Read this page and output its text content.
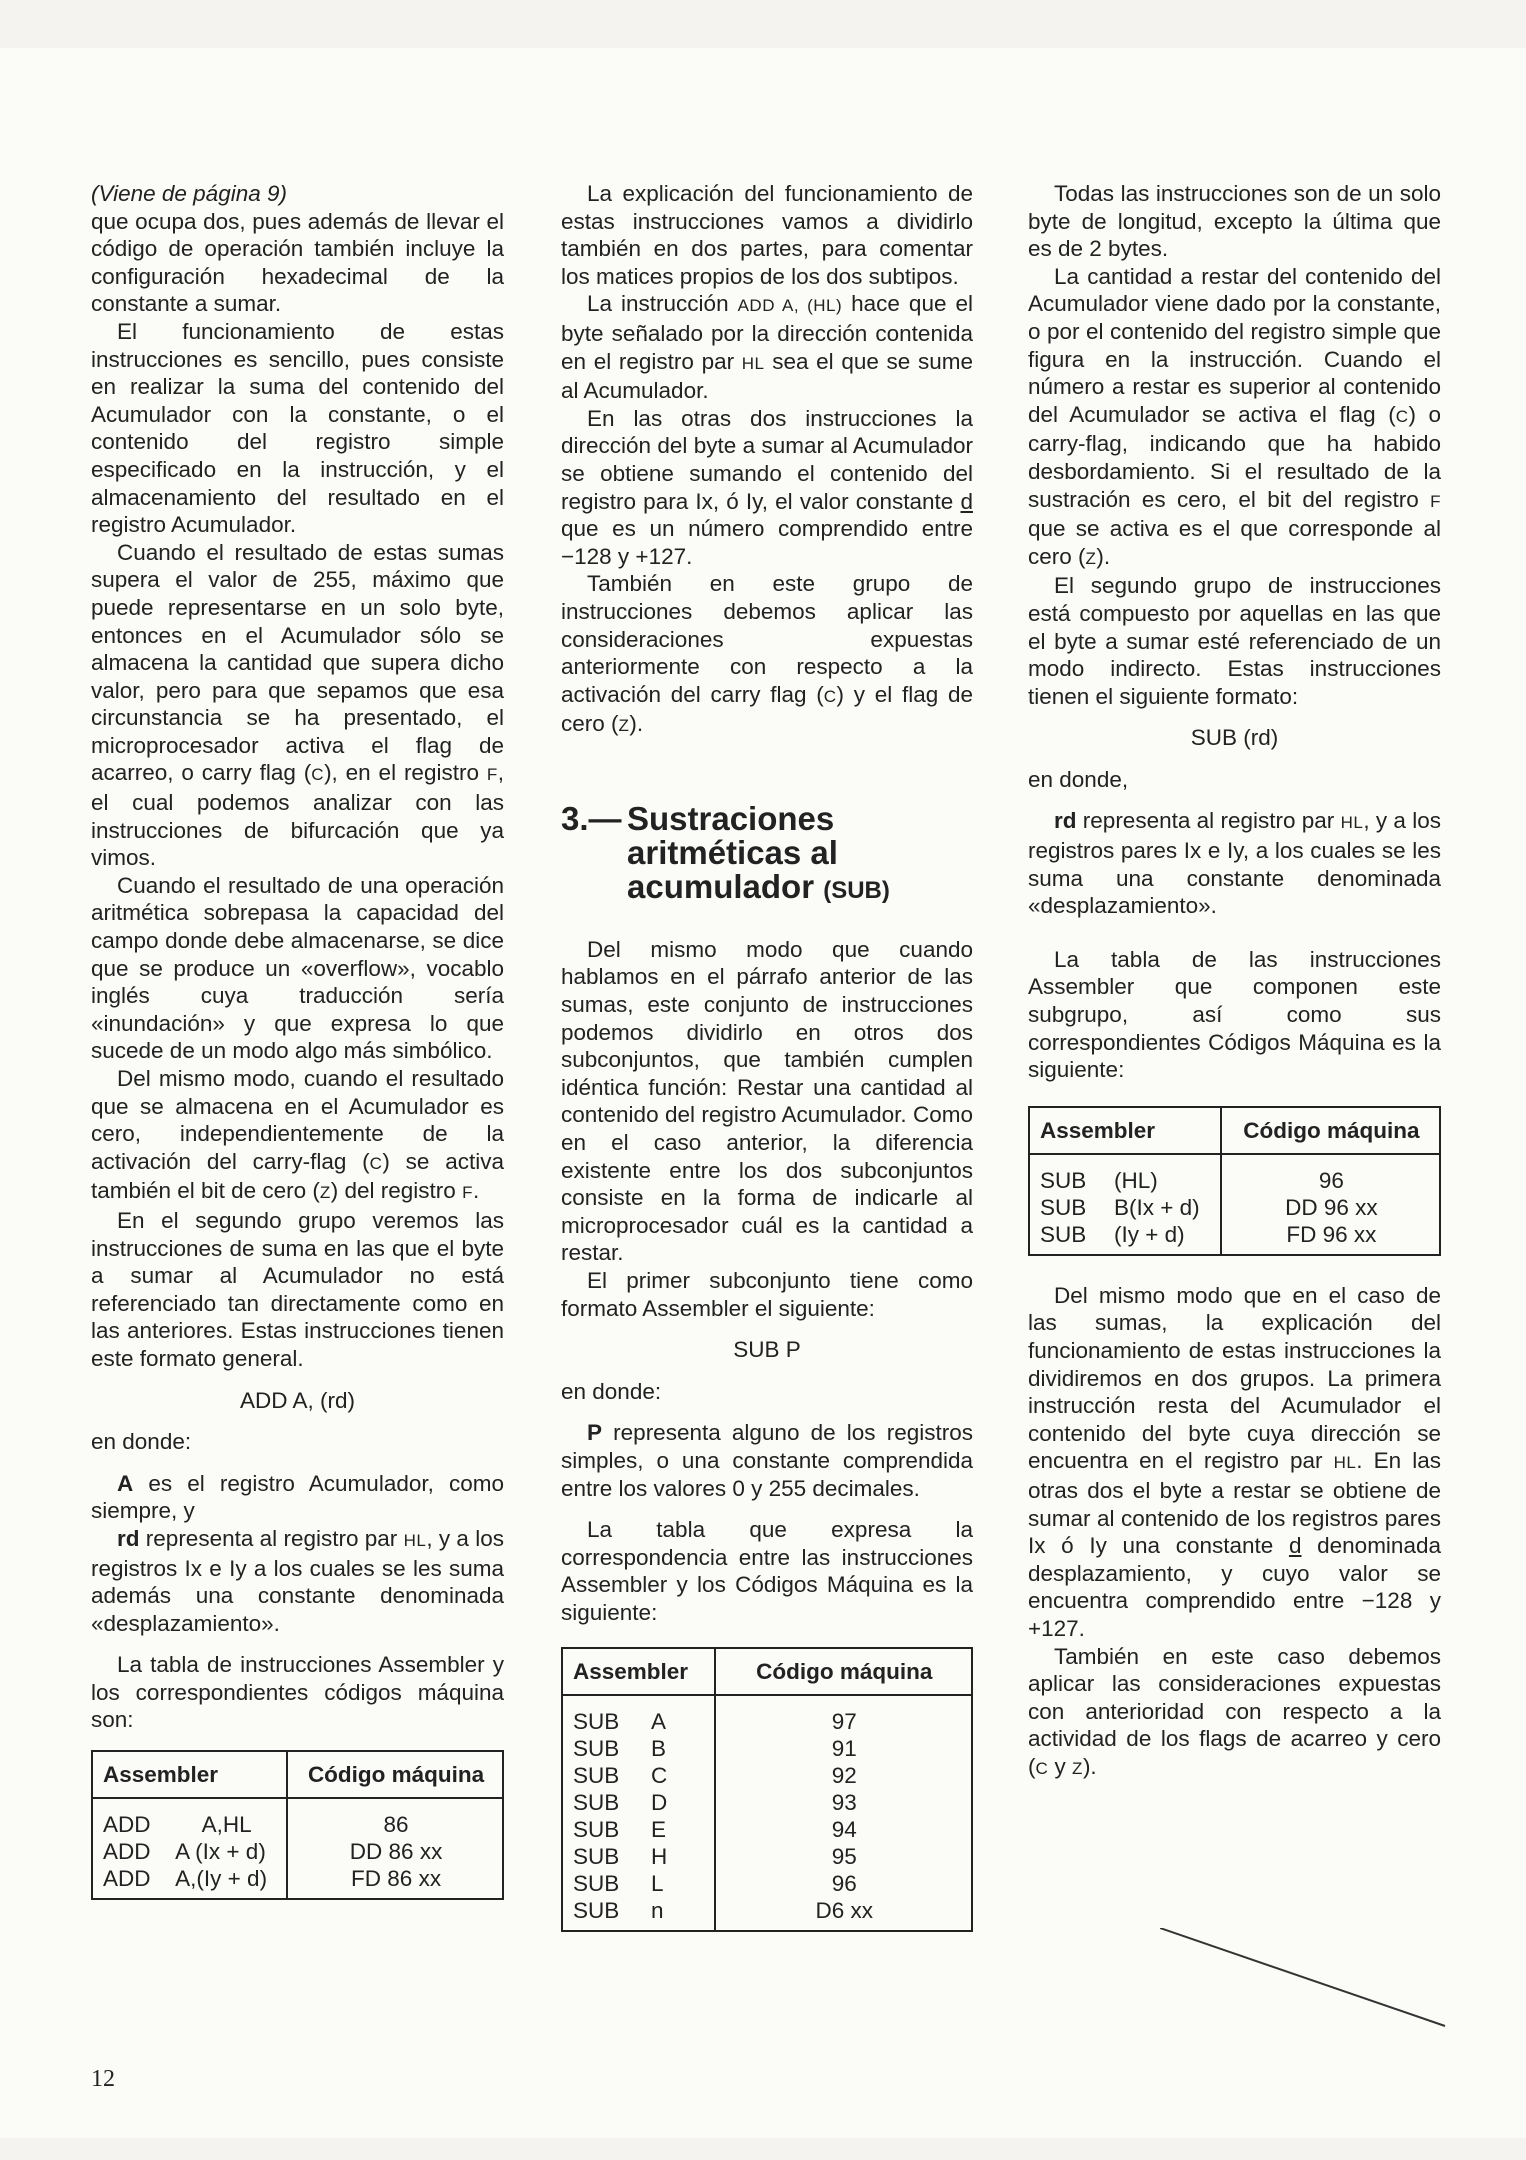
(Viene de página 9)

que ocupa dos, pues además de llevar el código de operación también incluye la configuración hexadecimal de la constante a sumar.

El funcionamiento de estas instrucciones es sencillo, pues consiste en realizar la suma del contenido del Acumulador con la constante, o el contenido del registro simple especificado en la instrucción, y el almacenamiento del resultado en el registro Acumulador.

Cuando el resultado de estas sumas supera el valor de 255, máximo que puede representarse en un solo byte, entonces en el Acumulador sólo se almacena la cantidad que supera dicho valor, pero para que sepamos que esa circunstancia se ha presentado, el microprocesador activa el flag de acarreo, o carry flag (C), en el registro F, el cual podemos analizar con las instrucciones de bifurcación que ya vimos.

Cuando el resultado de una operación aritmética sobrepasa la capacidad del campo donde debe almacenarse, se dice que se produce un «overflow», vocablo inglés cuya traducción sería «inundación» y que expresa lo que sucede de un modo algo más simbólico.

Del mismo modo, cuando el resultado que se almacena en el Acumulador es cero, independientemente de la activación del carry-flag (C) se activa también el bit de cero (Z) del registro F.

En el segundo grupo veremos las instrucciones de suma en las que el byte a sumar al Acumulador no está referenciado tan directamente como en las anteriores. Estas instrucciones tienen este formato general.

ADD A, (rd)

en donde:

A es el registro Acumulador, como siempre, y

rd representa al registro par HL, y a los registros Ix e Iy a los cuales se les suma además una constante denominada «desplazamiento».

La tabla de instrucciones Assembler y los correspondientes códigos máquina son:

Assembler		Código máquina
ADD	A,HL	86
ADD	A (Ix + d)	DD 86 xx
ADD	A,(Iy + d)	FD 86 xx

La explicación del funcionamiento de estas instrucciones vamos a dividirlo también en dos partes, para comentar los matices propios de los dos subtipos.

La instrucción ADD A, (HL) hace que el byte señalado por la dirección contenida en el registro par HL sea el que se sume al Acumulador.

En las otras dos instrucciones la dirección del byte a sumar al Acumulador se obtiene sumando el contenido del registro para Ix, ó Iy, el valor constante d que es un número comprendido entre −128 y +127.

También en este grupo de instrucciones debemos aplicar las consideraciones expuestas anteriormente con respecto a la activación del carry flag (C) y el flag de cero (Z).

3.— Sustraciones aritméticas al acumulador (SUB)

Del mismo modo que cuando hablamos en el párrafo anterior de las sumas, este conjunto de instrucciones podemos dividirlo en otros dos subconjuntos, que también cumplen idéntica función: Restar una cantidad al contenido del registro Acumulador. Como en el caso anterior, la diferencia existente entre los dos subconjuntos consiste en la forma de indicarle al microprocesador cuál es la cantidad a restar.

El primer subconjunto tiene como formato Assembler el siguiente:

SUB P

en donde:

P representa alguno de los registros simples, o una constante comprendida entre los valores 0 y 255 decimales.

La tabla que expresa la correspondencia entre las instrucciones Assembler y los Códigos Máquina es la siguiente:

Assembler		Código máquina
SUB	A	97
SUB	B	91
SUB	C	92
SUB	D	93
SUB	E	94
SUB	H	95
SUB	L	96
SUB	n	D6 xx

Todas las instrucciones son de un solo byte de longitud, excepto la última que es de 2 bytes.

La cantidad a restar del contenido del Acumulador viene dado por la constante, o por el contenido del registro simple que figura en la instrucción. Cuando el número a restar es superior al contenido del Acumulador se activa el flag (C) o carry-flag, indicando que ha habido desbordamiento. Si el resultado de la sustración es cero, el bit del registro F que se activa es el que corresponde al cero (Z).

El segundo grupo de instrucciones está compuesto por aquellas en las que el byte a sumar esté referenciado de un modo indirecto. Estas instrucciones tienen el siguiente formato:

SUB (rd)

en donde,

rd representa al registro par HL, y a los registros pares Ix e Iy, a los cuales se les suma una constante denominada «desplazamiento».

La tabla de las instrucciones Assembler que componen este subgrupo, así como sus correspondientes Códigos Máquina es la siguiente:

Assembler		Código máquina
SUB	(HL)	96
SUB	B(Ix + d)	DD 96 xx
SUB	(Iy + d)	FD 96 xx

Del mismo modo que en el caso de las sumas, la explicación del funcionamiento de estas instrucciones la dividiremos en dos grupos. La primera instrucción resta del Acumulador el contenido del byte cuya dirección se encuentra en el registro par HL. En las otras dos el byte a restar se obtiene de sumar al contenido de los registros pares Ix ó Iy una constante d denominada desplazamiento, y cuyo valor se encuentra comprendido entre −128 y +127.

También en este caso debemos aplicar las consideraciones expuestas con anterioridad con respecto a la actividad de los flags de acarreo y cero (C y Z).

12
